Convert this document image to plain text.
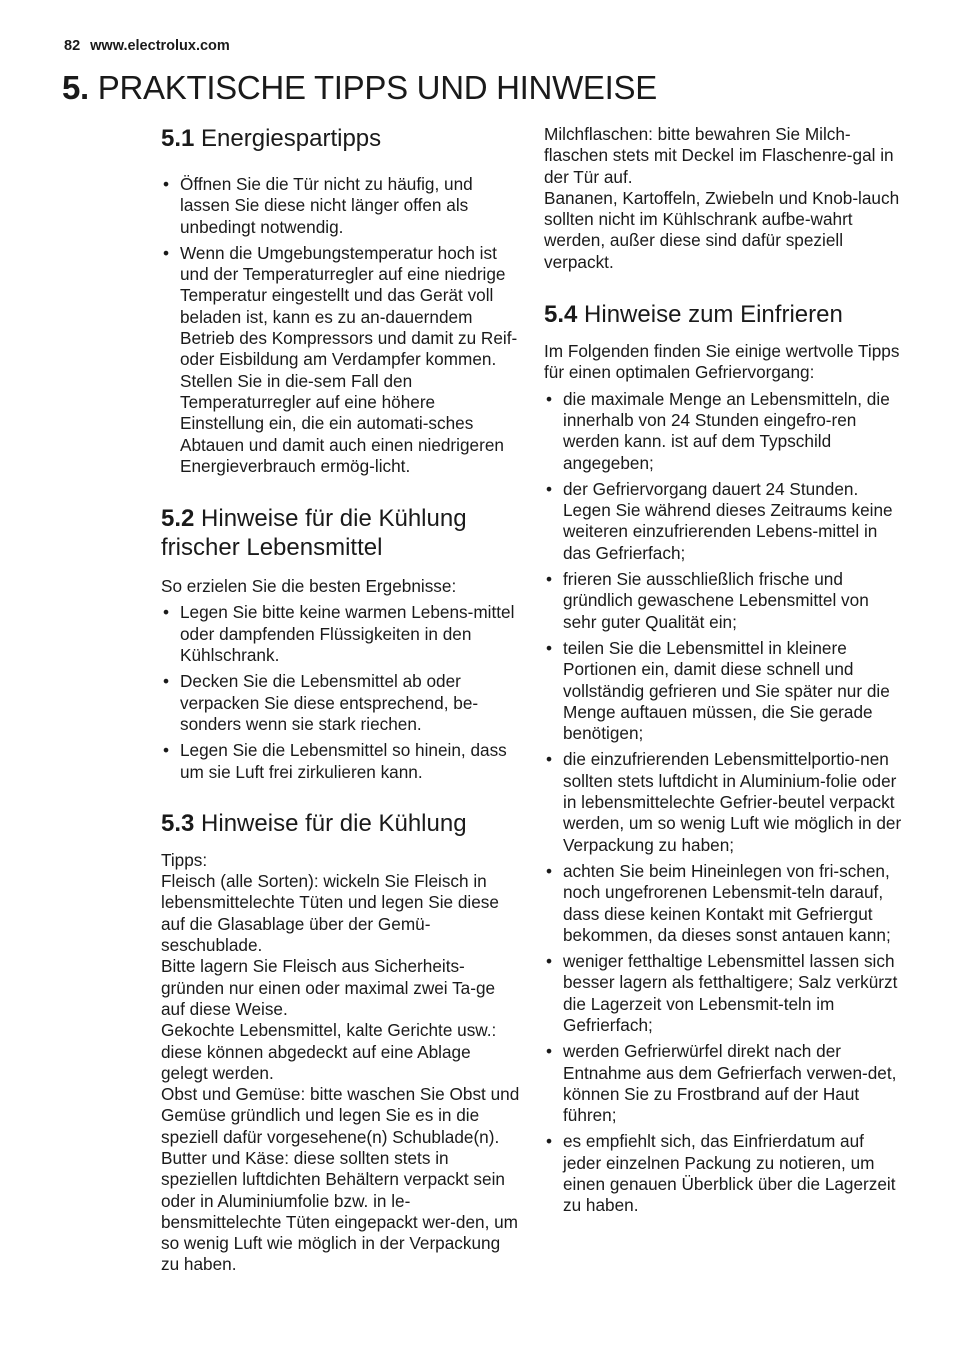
82 www.electrolux.com
5. PRAKTISCHE TIPPS UND HINWEISE
5.1 Energiespartipps
• Öffnen Sie die Tür nicht zu häufig, und lassen Sie diese nicht länger offen als unbedingt notwendig.
• Wenn die Umgebungstemperatur hoch ist und der Temperaturregler auf eine niedrige Temperatur eingestellt und das Gerät voll beladen ist, kann es zu an-dauerndem Betrieb des Kompressors und damit zu Reif- oder Eisbildung am Verdampfer kommen. Stellen Sie in die-sem Fall den Temperaturregler auf eine höhere Einstellung ein, die ein automati-sches Abtauen und damit auch einen niedrigeren Energieverbrauch ermög-licht.
5.2 Hinweise für die Kühlung frischer Lebensmittel

So erzielen Sie die besten Ergebnisse:

• Legen Sie bitte keine warmen Lebens-mittel oder dampfenden Flüssigkeiten in den Kühlschrank.
• Decken Sie die Lebensmittel ab oder verpacken Sie diese entsprechend, be-sonders wenn sie stark riechen.
• Legen Sie die Lebensmittel so hinein, dass um sie Luft frei zirkulieren kann.
5.3 Hinweise für die Kühlung

Tipps:

Fleisch (alle Sorten): wickeln Sie Fleisch in lebensmittelechte Tüten und legen Sie diese auf die Glasablage über der Gemü-seschublade.

Bitte lagern Sie Fleisch aus Sicherheits-gründen nur einen oder maximal zwei Ta-ge auf diese Weise.

Gekochte Lebensmittel, kalte Gerichte usw.: diese können abgedeckt auf eine Ablage gelegt werden.

Obst und Gemüse: bitte waschen Sie Obst und Gemüse gründlich und legen Sie es in die speziell dafür vorgesehene(n) Schublade(n).

Butter und Käse: diese sollten stets in speziellen luftdichten Behältern verpackt sein oder in Aluminiumfolie bzw. in le-bensmittelechte Tüten eingepackt wer-den, um so wenig Luft wie möglich in der Verpackung zu haben.

Milchflaschen: bitte bewahren Sie Milch-flaschen stets mit Deckel im Flaschenre-gal in der Tür auf.

Bananen, Kartoffeln, Zwiebeln und Knob-lauch sollten nicht im Kühlschrank aufbe-wahrt werden, außer diese sind dafür speziell verpackt.

5.4 Hinweise zum Einfrieren

Im Folgenden finden Sie einige wertvolle Tipps für einen optimalen Gefriervorgang:

• die maximale Menge an Lebensmitteln, die innerhalb von 24 Stunden eingefro-ren werden kann. ist auf dem Typschild angegeben;
• der Gefriervorgang dauert 24 Stunden. Legen Sie während dieses Zeitraums keine weiteren einzufrierenden Lebens-mittel in das Gefrierfach;
• frieren Sie ausschließlich frische und gründlich gewaschene Lebensmittel von sehr guter Qualität ein;
• teilen Sie die Lebensmittel in kleinere Portionen ein, damit diese schnell und vollständig gefrieren und Sie später nur die Menge auftauen müssen, die Sie gerade benötigen;
• die einzufrierenden Lebensmittelportio-nen sollten stets luftdicht in Aluminium-folie oder in lebensmittelechte Gefrier-beutel verpackt werden, um so wenig Luft wie möglich in der Verpackung zu haben;
• achten Sie beim Hineinlegen von fri-schen, noch ungefrorenen Lebensmit-teln darauf, dass diese keinen Kontakt mit Gefriergut bekommen, da dieses sonst antauen kann;
• weniger fetthaltige Lebensmittel lassen sich besser lagern als fetthaltigere; Salz verkürzt die Lagerzeit von Lebensmit-teln im Gefrierfach;
• werden Gefrierwürfel direkt nach der Entnahme aus dem Gefrierfach verwen-det, können Sie zu Frostbrand auf der Haut führen;
• es empfiehlt sich, das Einfrierdatum auf jeder einzelnen Packung zu notieren, um einen genauen Überblick über die Lagerzeit zu haben.
